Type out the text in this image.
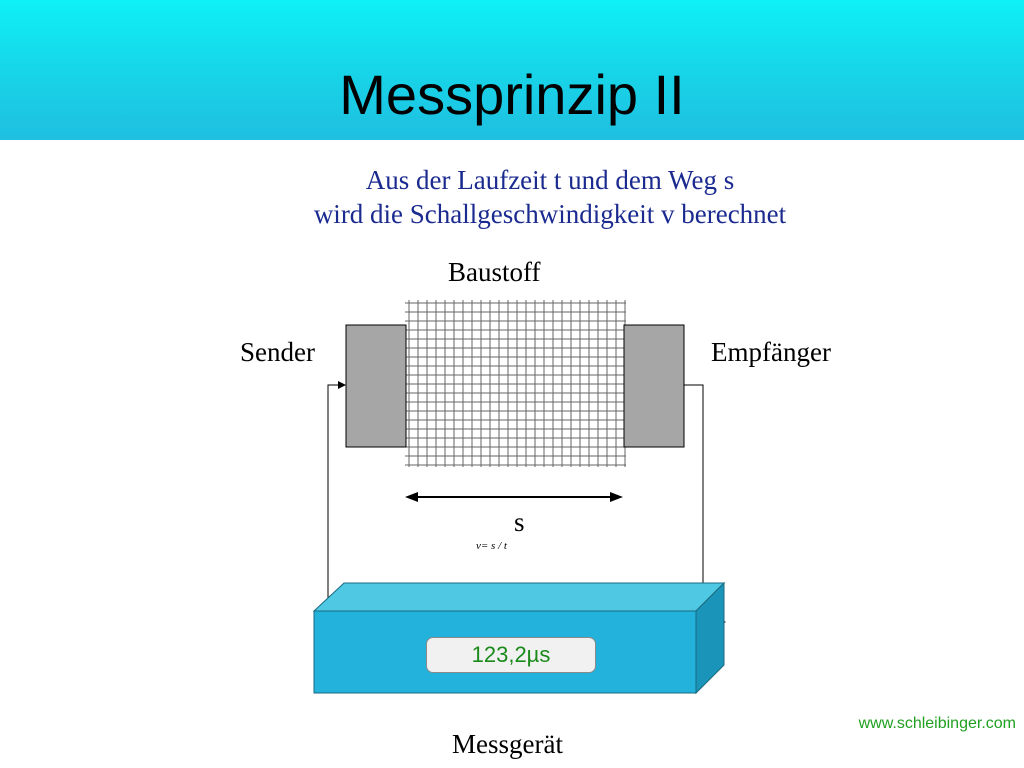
Messprinzip II
Aus der Laufzeit t und dem Weg s
wird die Schallgeschwindigkeit v berechnet
Baustoff
Sender	Empfänger
s
v= s / t
123,2µs
Messgerät
www.schleibinger.com
